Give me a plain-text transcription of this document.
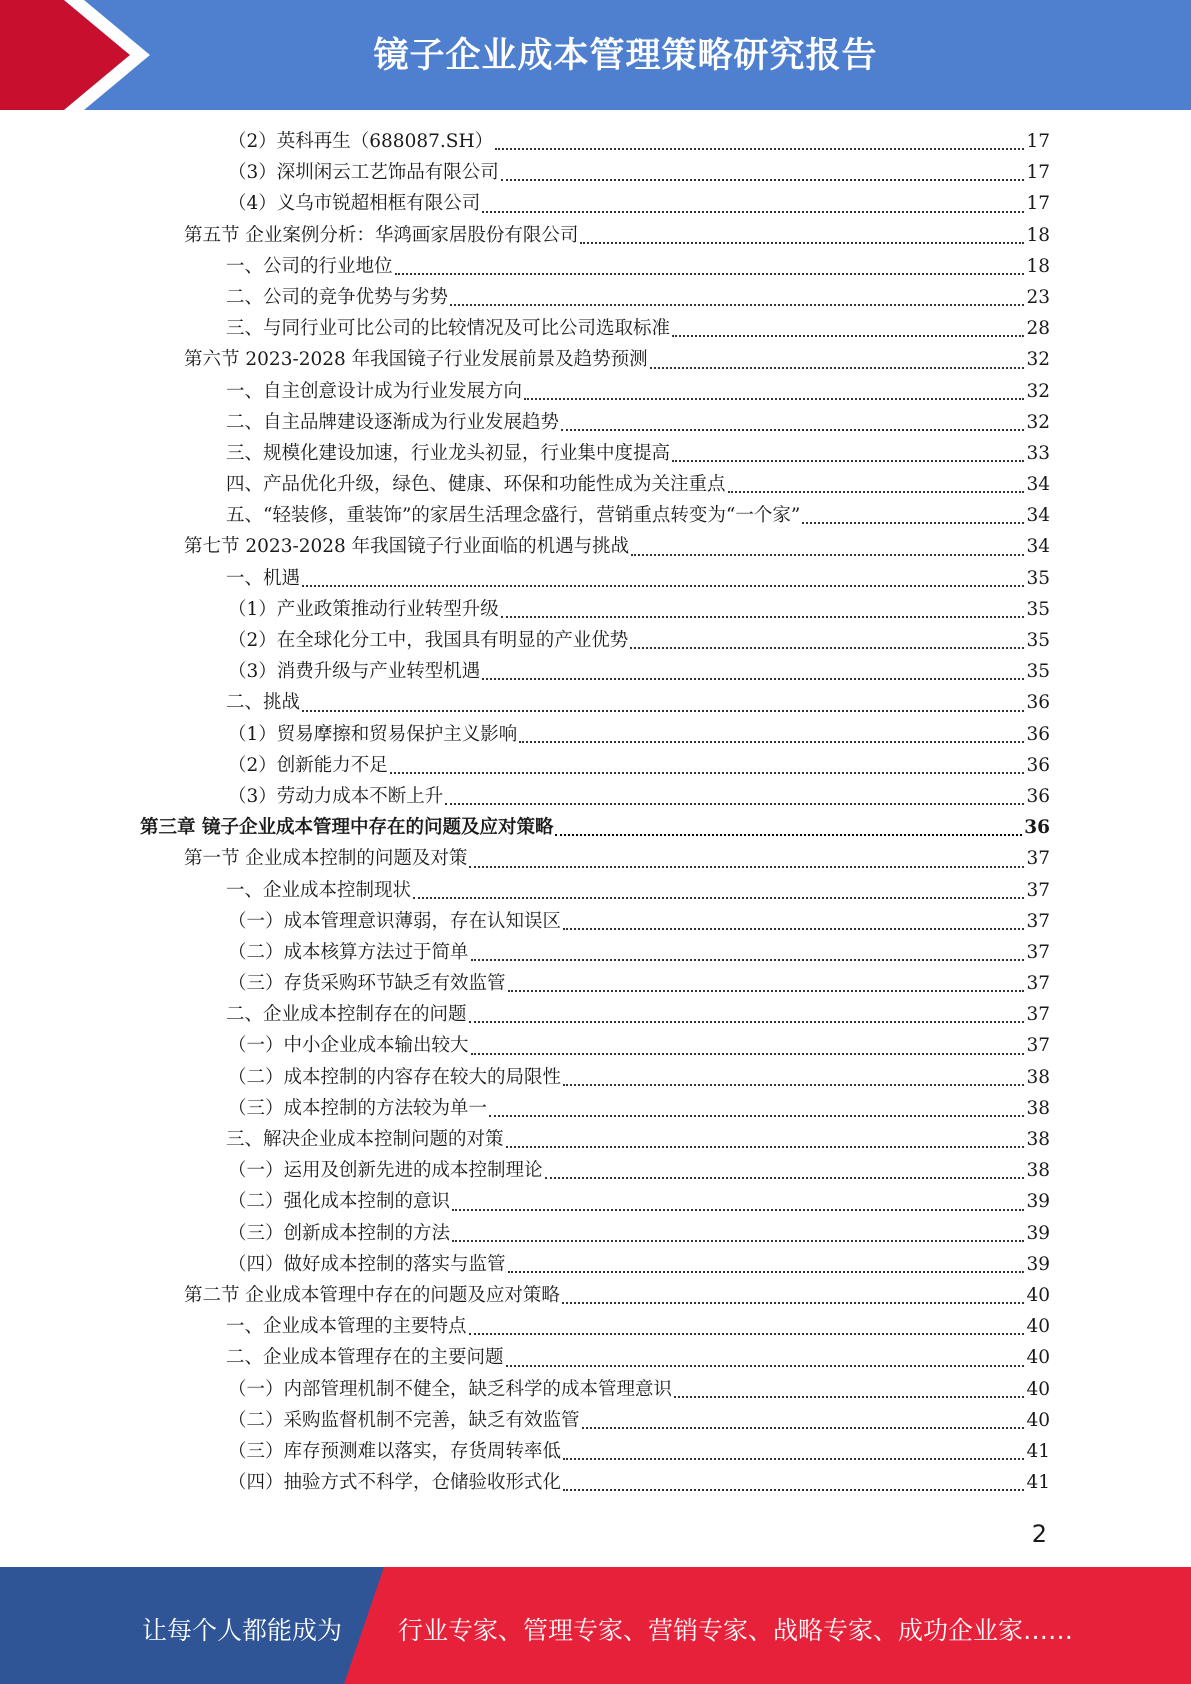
镜子企业成本管理策略研究报告
（2）英科再生（688087.SH）	17
（3）深圳闲云工艺饰品有限公司	17
（4）义乌市锐超相框有限公司	17
第五节 企业案例分析：华鸿画家居股份有限公司	18
一、公司的行业地位	18
二、公司的竞争优势与劣势	23
三、与同行业可比公司的比较情况及可比公司选取标准	28
第六节 2023-2028 年我国镜子行业发展前景及趋势预测	32
一、自主创意设计成为行业发展方向	32
二、自主品牌建设逐渐成为行业发展趋势	32
三、规模化建设加速，行业龙头初显，行业集中度提高	33
四、产品优化升级，绿色、健康、环保和功能性成为关注重点	34
五、“轻装修，重装饰”的家居生活理念盛行，营销重点转变为“一个家”	34
第七节 2023-2028 年我国镜子行业面临的机遇与挑战	34
一、机遇	35
（1）产业政策推动行业转型升级	35
（2）在全球化分工中，我国具有明显的产业优势	35
（3）消费升级与产业转型机遇	35
二、挑战	36
（1）贸易摩擦和贸易保护主义影响	36
（2）创新能力不足	36
（3）劳动力成本不断上升	36
第三章 镜子企业成本管理中存在的问题及应对策略	36
第一节 企业成本控制的问题及对策	37
一、企业成本控制现状	37
（一）成本管理意识薄弱，存在认知误区	37
（二）成本核算方法过于简单	37
（三）存货采购环节缺乏有效监管	37
二、企业成本控制存在的问题	37
（一）中小企业成本输出较大	37
（二）成本控制的内容存在较大的局限性	38
（三）成本控制的方法较为单一	38
三、解决企业成本控制问题的对策	38
（一）运用及创新先进的成本控制理论	38
（二）强化成本控制的意识	39
（三）创新成本控制的方法	39
（四）做好成本控制的落实与监管	39
第二节 企业成本管理中存在的问题及应对策略	40
一、企业成本管理的主要特点	40
二、企业成本管理存在的主要问题	40
（一）内部管理机制不健全，缺乏科学的成本管理意识	40
（二）采购监督机制不完善，缺乏有效监管	40
（三）库存预测难以落实，存货周转率低	41
（四）抽验方式不科学，仓储验收形式化	41
2
让每个人都能成为 行业专家、管理专家、营销专家、战略专家、成功企业家……
